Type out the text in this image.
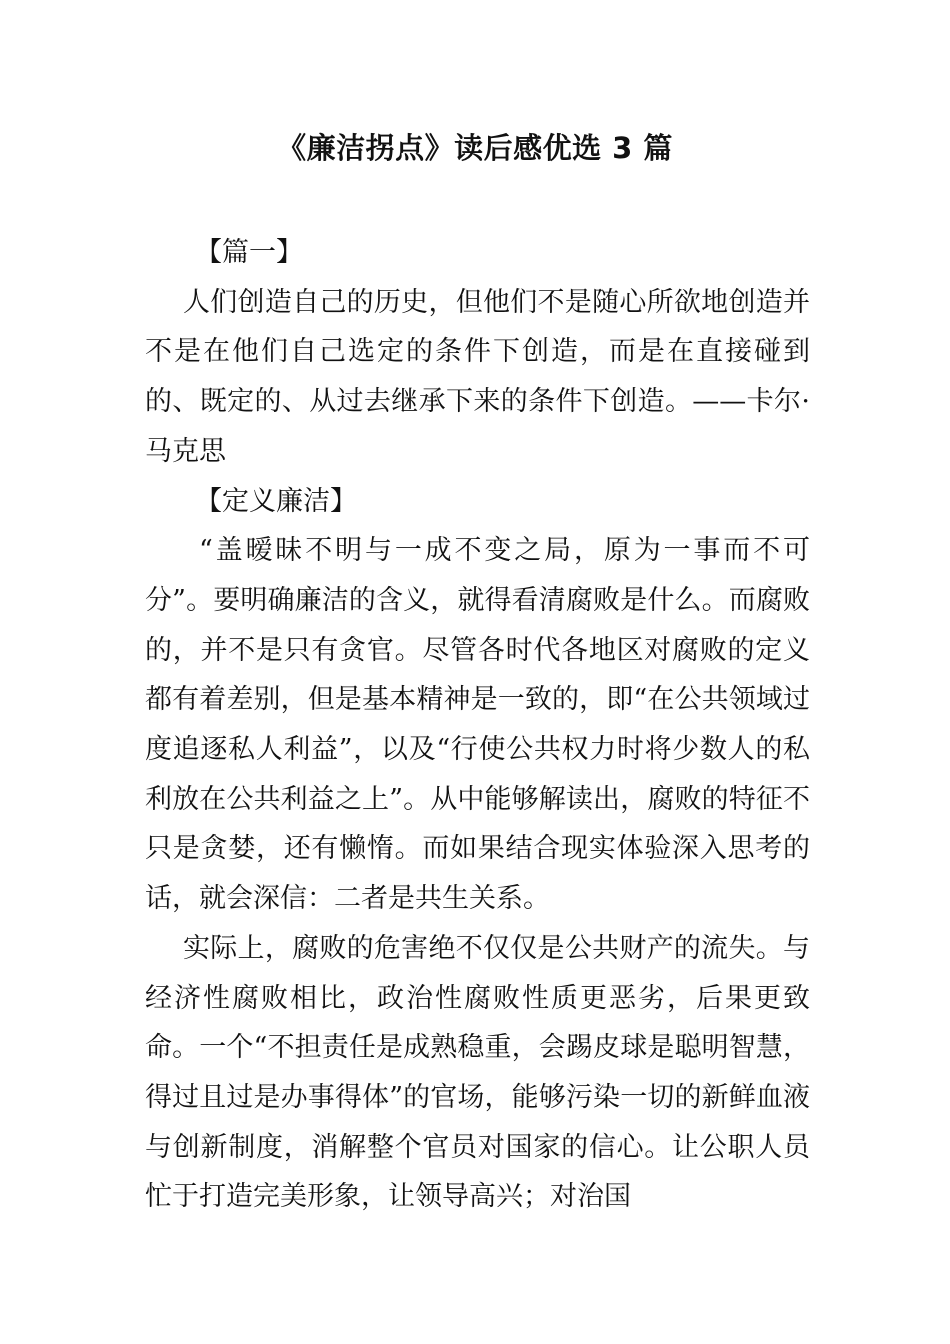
《廉洁拐点》读后感优选 3 篇

【篇一】

人们创造自己的历史，但他们不是随心所欲地创造并不是在他们自己选定的条件下创造，而是在直接碰到的、既定的、从过去继承下来的条件下创造。——卡尔·马克思

【定义廉洁】

“盖暧昧不明与一成不变之局，原为一事而不可分”。要明确廉洁的含义，就得看清腐败是什么。而腐败的，并不是只有贪官。尽管各时代各地区对腐败的定义都有着差别，但是基本精神是一致的，即“在公共领域过度追逐私人利益”，以及“行使公共权力时将少数人的私利放在公共利益之上”。从中能够解读出，腐败的特征不只是贪婪，还有懒惰。而如果结合现实体验深入思考的话，就会深信：二者是共生关系。

实际上，腐败的危害绝不仅仅是公共财产的流失。与经济性腐败相比，政治性腐败性质更恶劣，后果更致命。一个“不担责任是成熟稳重，会踢皮球是聪明智慧，得过且过是办事得体”的官场，能够污染一切的新鲜血液与创新制度，消解整个官员对国家的信心。让公职人员忙于打造完美形象，让领导高兴；对治国
